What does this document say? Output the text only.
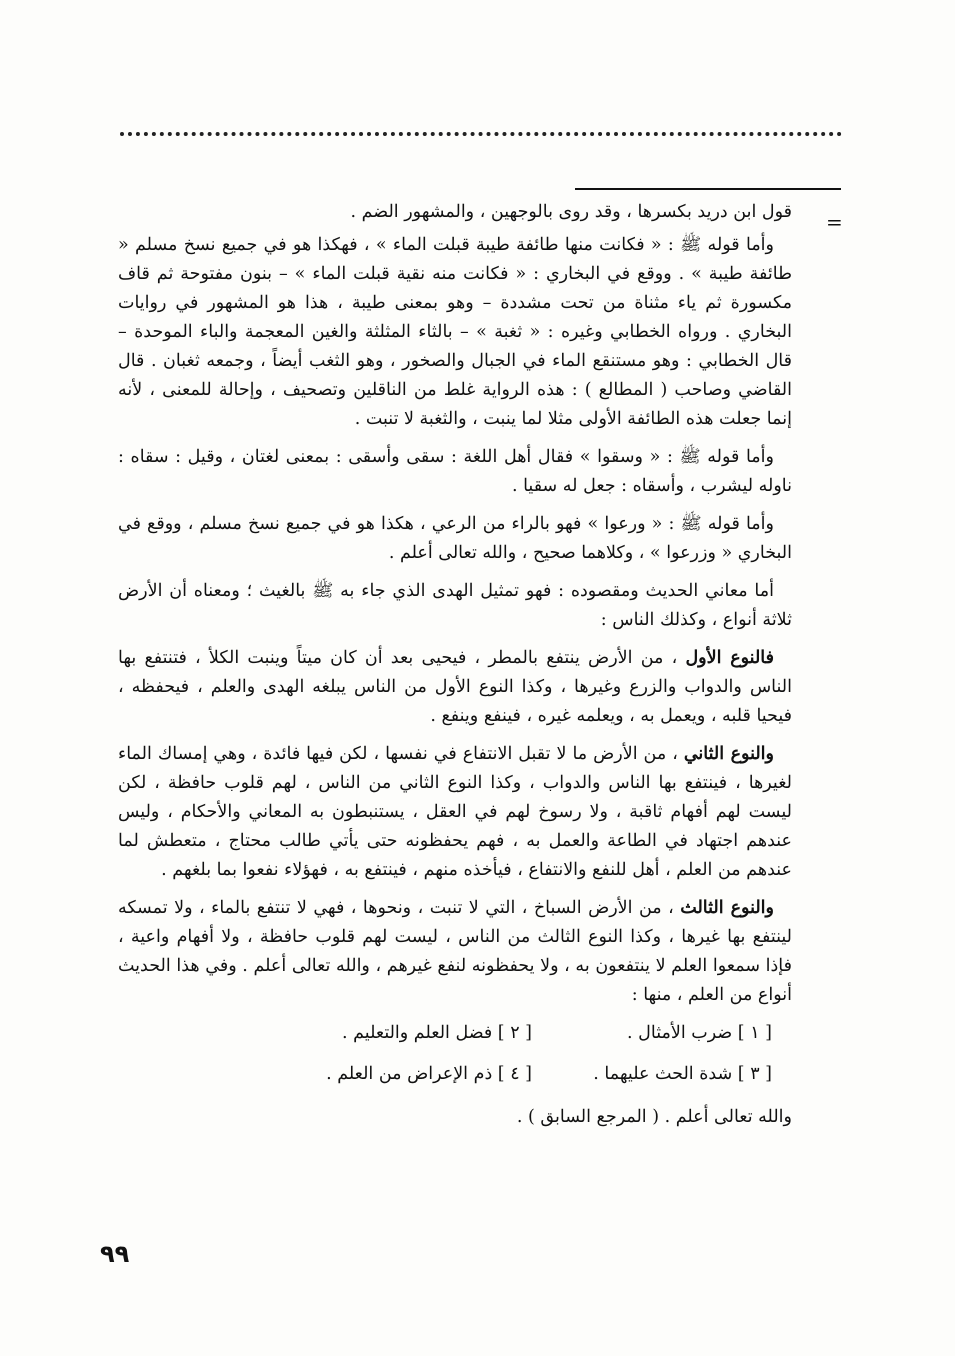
=

قول ابن دريد بكسرها ، وقد روى بالوجهين ، والمشهور الضم .

وأما قوله ﷺ : « فكانت منها طائفة طيبة قبلت الماء » ، فهكذا هو في جميع نسخ مسلم « طائفة طيبة » . ووقع في البخاري : « فكانت منه نقية قبلت الماء » – بنون مفتوحة ثم قاف مكسورة ثم ياء مثناة من تحت مشددة – وهو بمعنى طيبة ، هذا هو المشهور في روايات البخاري . ورواه الخطابي وغيره : « ثغبة » – بالثاء المثلثة والغين المعجمة والباء الموحدة – قال الخطابي : وهو مستنقع الماء في الجبال والصخور ، وهو الثغب أيضاً ، وجمعه ثغبان . قال القاضي وصاحب ( المطالع ) : هذه الرواية غلط من الناقلين وتصحيف ، وإحالة للمعنى ، لأنه إنما جعلت هذه الطائفة الأولى مثلا لما ينبت ، والثغبة لا تنبت .

وأما قوله ﷺ : « وسقوا » فقال أهل اللغة : سقى وأسقى : بمعنى لغتان ، وقيل : سقاه : ناوله ليشرب ، وأسقاه : جعل له سقيا .

وأما قوله ﷺ : « ورعوا » فهو بالراء من الرعي ، هكذا هو في جميع نسخ مسلم ، ووقع في البخاري « وزرعوا » ، وكلاهما صحيح ، والله تعالى أعلم .

أما معاني الحديث ومقصوده : فهو تمثيل الهدى الذي جاء به ﷺ بالغيث ؛ ومعناه أن الأرض ثلاثة أنواع ، وكذلك الناس :

فالنوع الأول ، من الأرض ينتفع بالمطر ، فيحيى بعد أن كان ميتاً وينبت الكلأ ، فتنتفع بها الناس والدواب والزرع وغيرها ، وكذا النوع الأول من الناس يبلغه الهدى والعلم ، فيحفظه ، فيحيا قلبه ، ويعمل به ، ويعلمه غيره ، فينفع وينفع .

والنوع الثاني ، من الأرض ما لا تقبل الانتفاع في نفسها ، لكن فيها فائدة ، وهي إمساك الماء لغيرها ، فينتفع بها الناس والدواب ، وكذا النوع الثاني من الناس ، لهم قلوب حافظة ، لكن ليست لهم أفهام ثاقبة ، ولا رسوخ لهم في العقل ، يستنبطون به المعاني والأحكام ، وليس عندهم اجتهاد في الطاعة والعمل به ، فهم يحفظونه حتى يأتي طالب محتاج ، متعطش لما عندهم من العلم ، أهل للنفع والانتفاع ، فيأخذه منهم ، فينتفع به ، فهؤلاء نفعوا بما بلغهم .

والنوع الثالث ، من الأرض السباخ ، التي لا تنبت ، ونحوها ، فهي لا تنتفع بالماء ، ولا تمسكه لينتفع بها غيرها ، وكذا النوع الثالث من الناس ، ليست لهم قلوب حافظة ، ولا أفهام واعية ، فإذا سمعوا العلم لا ينتفعون به ، ولا يحفظونه لنفع غيرهم ، والله تعالى أعلم . وفي هذا الحديث أنواع من العلم ، منها :

[ ١ ] ضرب الأمثال .
[ ٢ ] فضل العلم والتعليم .
[ ٣ ] شدة الحث عليهما .
[ ٤ ] ذم الإعراض من العلم .

والله تعالى أعلم . ( المرجع السابق ) .

٩٩
